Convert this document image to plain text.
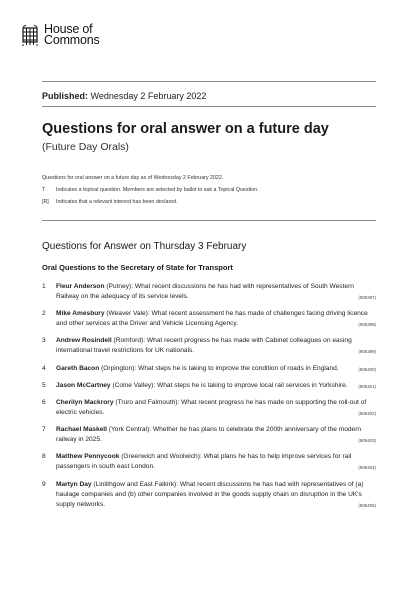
House of
Commons
Published: Wednesday 2 February 2022
Questions for oral answer on a future day
(Future Day Orals)
Questions for oral answer on a future day as of Wednesday 2 February 2022.
T	Indicates a topical question. Members are selected by ballot to ask a Topical Question.
[R]	Indicates that a relevant interest has been declared.
Questions for Answer on Thursday 3 February
Oral Questions to the Secretary of State for Transport
1	Fleur Anderson (Putney): What recent discussions he has had with representatives of South Western Railway on the adequacy of its service levels.	(905397)
2	Mike Amesbury (Weaver Vale): What recent assessment he has made of challenges facing driving licence and other services at the Driver and Vehicle Licensing Agency.	(905398)
3	Andrew Rosindell (Romford): What recent progress he has made with Cabinet colleagues on easing international travel restrictions for UK nationals.	(905399)
4	Gareth Bacon (Orpington): What steps he is taking to improve the condition of roads in England.	(905400)
5	Jason McCartney (Colne Valley): What steps he is taking to improve local rail services in Yorkshire. (905401)
6	Cherilyn Mackrory (Truro and Falmouth): What recent progress he has made on supporting the roll-out of electric vehicles.	(905402)
7	Rachael Maskell (York Central): Whether he has plans to celebrate the 200th anniversary of the modern railway in 2025.	(905403)
8	Matthew Pennycook (Greenwich and Woolwich): What plans he has to help improve services for rail passengers in south east London.	(905404)
9	Martyn Day (Linlithgow and East Falkirk): What recent discussions he has had with representatives of (a) haulage companies and (b) other companies involved in the goods supply chain on disruption in the UK's supply networks.	(905405)
